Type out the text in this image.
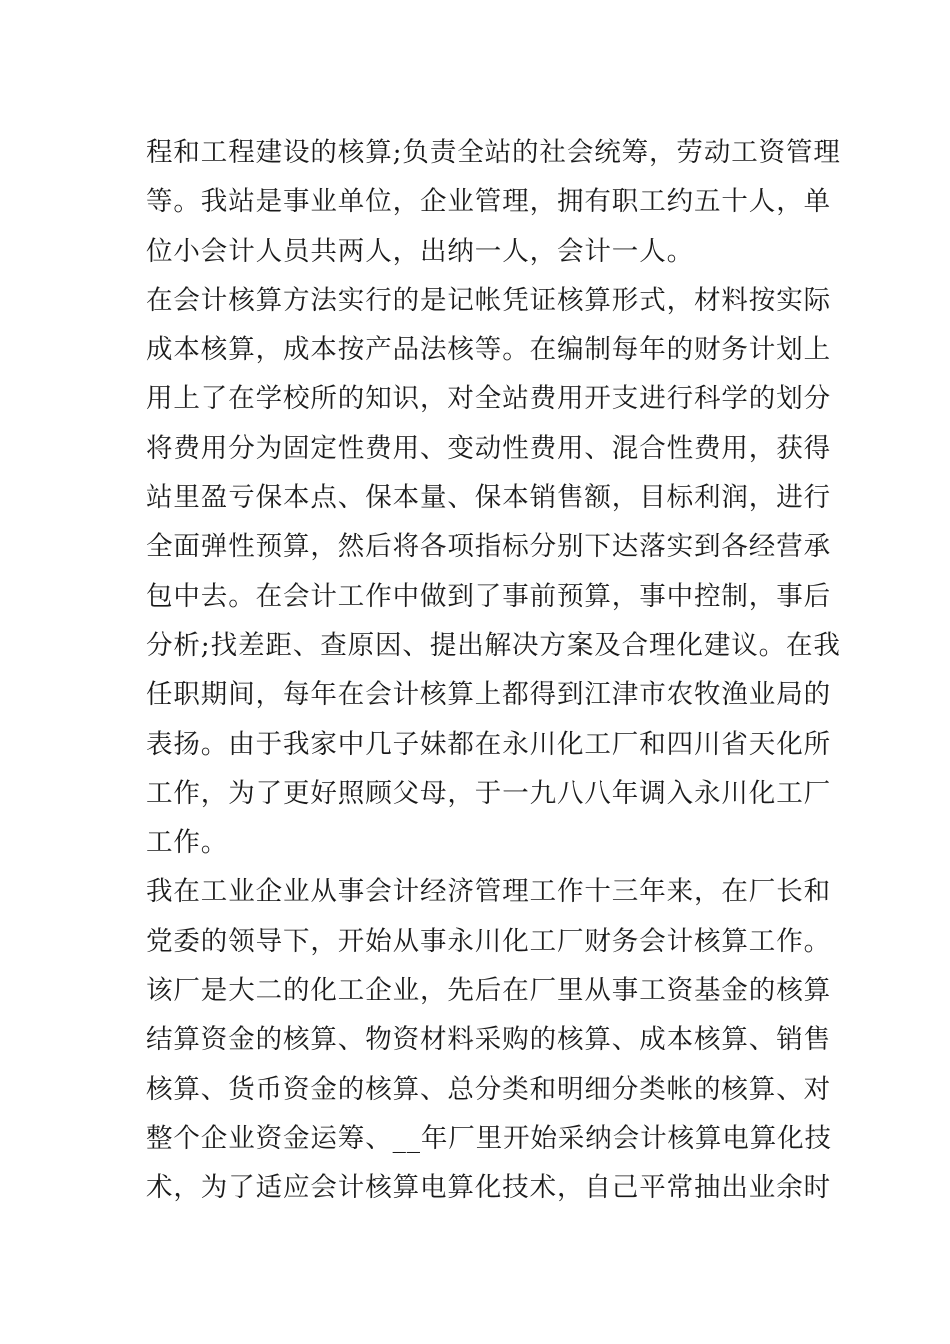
程和工程建设的核算;负责全站的社会统筹，劳动工资管理
等。我站是事业单位，企业管理，拥有职工约五十人，单
位小会计人员共两人，出纳一人，会计一人。
在会计核算方法实行的是记帐凭证核算形式，材料按实际
成本核算，成本按产品法核等。在编制每年的财务计划上
用上了在学校所的知识，对全站费用开支进行科学的划分
将费用分为固定性费用、变动性费用、混合性费用，获得
站里盈亏保本点、保本量、保本销售额，目标利润，进行
全面弹性预算，然后将各项指标分别下达落实到各经营承
包中去。在会计工作中做到了事前预算，事中控制，事后
分析;找差距、查原因、提出解决方案及合理化建议。在我
任职期间，每年在会计核算上都得到江津市农牧渔业局的
表扬。由于我家中几子妹都在永川化工厂和四川省天化所
工作，为了更好照顾父母，于一九八八年调入永川化工厂
工作。
我在工业企业从事会计经济管理工作十三年来，在厂长和
党委的领导下，开始从事永川化工厂财务会计核算工作。
该厂是大二的化工企业，先后在厂里从事工资基金的核算
结算资金的核算、物资材料采购的核算、成本核算、销售
核算、货币资金的核算、总分类和明细分类帐的核算、对
整个企业资金运筹、__年厂里开始采纳会计核算电算化技
术，为了适应会计核算电算化技术，自己平常抽出业余时
